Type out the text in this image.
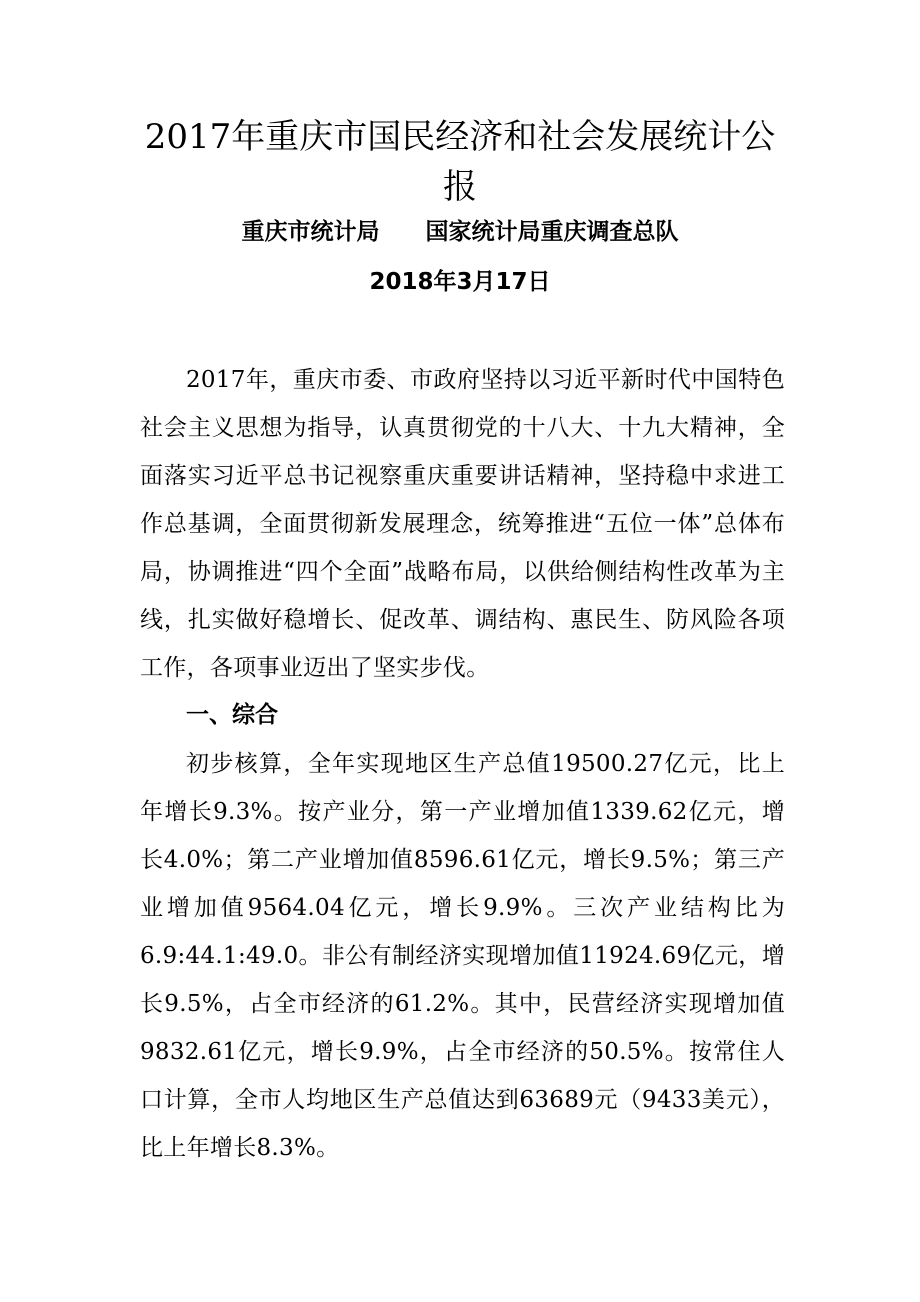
2017年重庆市国民经济和社会发展统计公报
重庆市统计局　　国家统计局重庆调查总队
2018年3月17日

2017年，重庆市委、市政府坚持以习近平新时代中国特色社会主义思想为指导，认真贯彻党的十八大、十九大精神，全面落实习近平总书记视察重庆重要讲话精神，坚持稳中求进工作总基调，全面贯彻新发展理念，统筹推进“五位一体”总体布局，协调推进“四个全面”战略布局，以供给侧结构性改革为主线，扎实做好稳增长、促改革、调结构、惠民生、防风险各项工作，各项事业迈出了坚实步伐。

一、综合

初步核算，全年实现地区生产总值19500.27亿元，比上年增长9.3%。按产业分，第一产业增加值1339.62亿元，增长4.0%；第二产业增加值8596.61亿元，增长9.5%；第三产业增加值9564.04亿元，增长9.9%。三次产业结构比为6.9:44.1:49.0。非公有制经济实现增加值11924.69亿元，增长9.5%，占全市经济的61.2%。其中，民营经济实现增加值9832.61亿元，增长9.9%，占全市经济的50.5%。按常住人口计算，全市人均地区生产总值达到63689元（9433美元），比上年增长8.3%。
